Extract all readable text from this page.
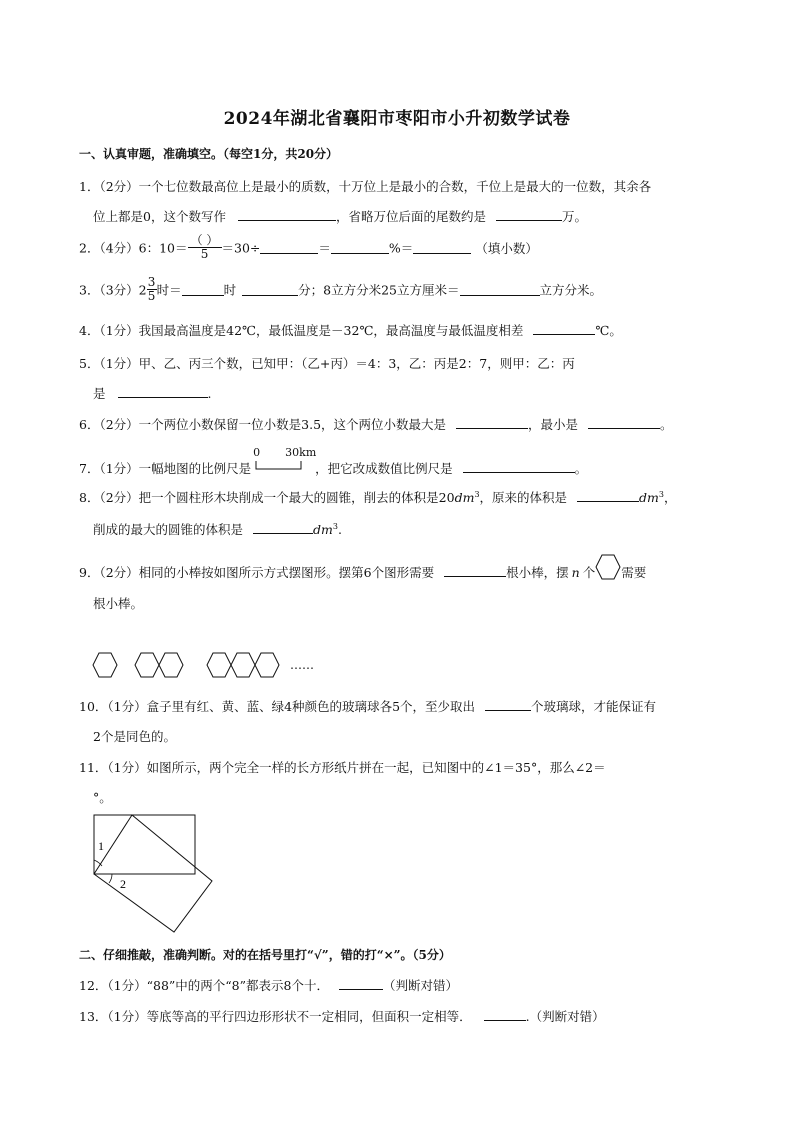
2024年湖北省襄阳市枣阳市小升初数学试卷
一、认真审题，准确填空。（每空1分，共20分）
1．（2分）一个七位数最高位上是最小的质数，十万位上是最小的合数，千位上是最大的一位数，其余各
位上都是0，这个数写作	，省略万位后面的尾数约是	万。
2．（4分）6：$10= \frac{( )}{5} =30\div$	＝	%＝	（填小数）
3．（3分）$2 \frac{3}{5}$ 时＝	时	分；8立方分米25立方厘米＝	立方分米。
4．（1分）我国最高温度是42℃，最低温度是－32℃，最高温度与最低温度相差	℃。
5．（1分）甲、乙、丙三个数，已知甲：（乙+丙）＝4：3，乙：丙是2：7，则甲：乙：丙
是	.
6．（2分）一个两位小数保留一位小数是3.5，这个两位小数最大是	，最小是	。
7．（1分）一幅地图的比例尺是
0 30km
，把它改成数值比例尺是	。
8．（2分）把一个圆柱形木块削成一个最大的圆锥，削去的体积是$20dm^3$，原来的体积是	$dm^3$，
削成的最大的圆锥的体积是	$dm^3$.
9．（2分）相同的小棒按如图所示方式摆图形。摆第6个图形需要	根小棒，摆 n 个 需要
根小棒。
……
10．（1分）盒子里有红、黄、蓝、绿4种颜色的玻璃球各5个，至少取出	个玻璃球，才能保证有
2个是同色的。
11．（1分）如图所示，两个完全一样的长方形纸片拼在一起，已知图中的∠1＝35°，那么∠2＝
°。
1
2
二、仔细推敲，准确判断。对的在括号里打“√”，错的打“×”。（5分）
12．（1分）“88”中的两个“8”都表示8个十．	（判断对错）
13．（1分）等底等高的平行四边形形状不一定相同，但面积一定相等．	.（判断对错）
